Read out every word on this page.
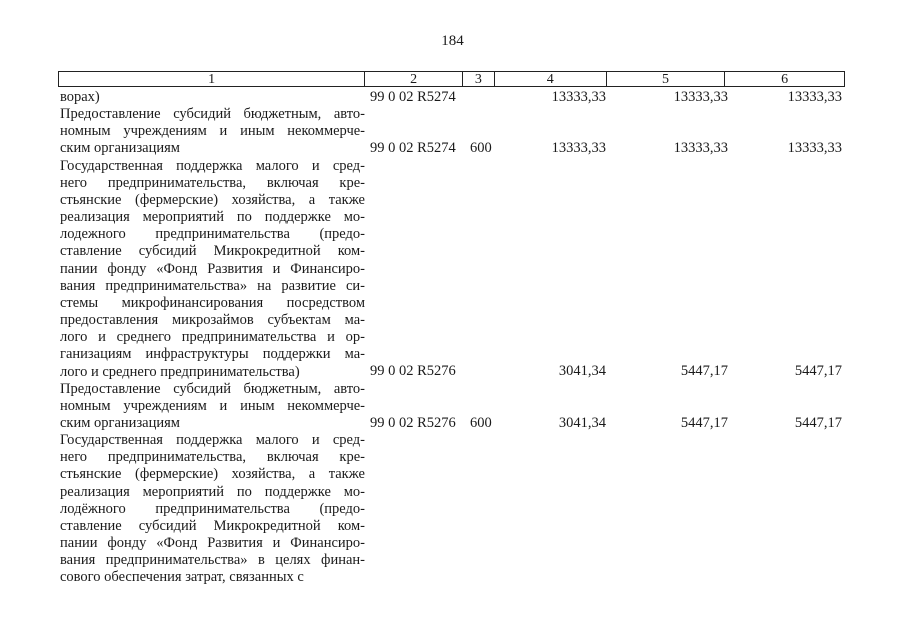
184
1	2	3	4	5	6
ворах)	99 0 02 R5274	13333,33	13333,33	13333,33
Предоставление субсидий бюджетным, авто-
номным учреждениям и иным некоммерче-
ским организациям	99 0 02 R5274 600	13333,33	13333,33	13333,33
Государственная поддержка малого и сред-
него предпринимательства, включая кре-
стьянские (фермерские) хозяйства, а также
реализация мероприятий по поддержке мо-
лодежного предпринимательства (предо-
ставление субсидий Микрокредитной ком-
пании фонду «Фонд Развития и Финансиро-
вания предпринимательства» на развитие си-
стемы микрофинансирования посредством
предоставления микрозаймов субъектам ма-
лого и среднего предпринимательства и ор-
ганизациям инфраструктуры поддержки ма-
лого и среднего предпринимательства)	99 0 02 R5276	3041,34	5447,17	5447,17
Предоставление субсидий бюджетным, авто-
номным учреждениям и иным некоммерче-
ским организациям	99 0 02 R5276 600	3041,34	5447,17	5447,17
Государственная поддержка малого и сред-
него предпринимательства, включая кре-
стьянские (фермерские) хозяйства, а также
реализация мероприятий по поддержке мо-
лодёжного предпринимательства (предо-
ставление субсидий Микрокредитной ком-
пании фонду «Фонд Развития и Финансиро-
вания предпринимательства» в целях финан-
сового обеспечения затрат, связанных с
